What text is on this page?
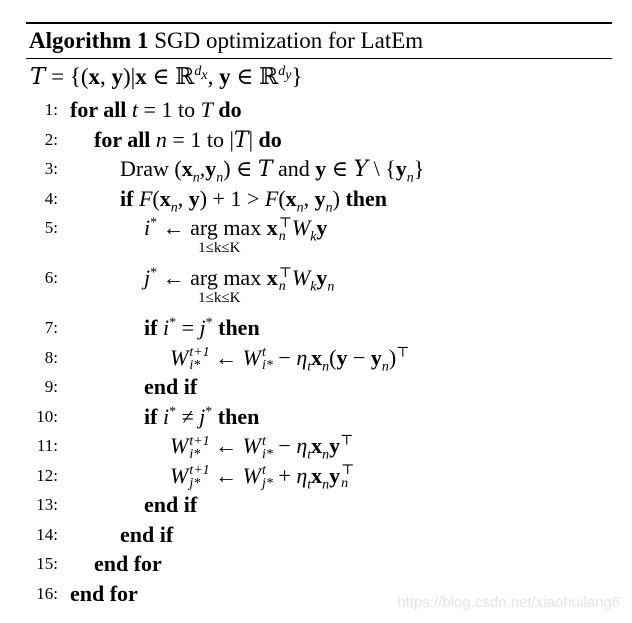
Algorithm 1 SGD optimization for LatEm
T = {(x, y)|x ∈ ℝ$^{d_x}$, y ∈ ℝ$^{d_y}$}
1: for all t = 1 to T do
2: for all n = 1 to |T| do
3:	Draw $(x_n,y_n)$ ∈ T and y ∈ Y \ $\{y_n\}$
4:	if $F(x_n$, $y) + 1 > F(x_n$, $y_n$) then
5:	i* ← arg max
1≤k≤K
x ⊤
n $W_ky$
6:	j* ← arg max
1≤k≤K
x ⊤
n $W_ky_n$
7:	if i* = j* then
8:	W t+1
i* ← W t
$i* - \eta_tx_n(y - y_n)^⊤$
9:	end if
10:	if i* ≠ j* then
11:	W t+1
i* ← W t
$i* - \eta_tx_ny^⊤$
12:	W t+1
j* ← W t
$j* + \eta_tx_ny$ ⊤
n
13:	end if
14:	end if
15: end for
16: end for	https://blog.csdn.net/xiaohuilang6
